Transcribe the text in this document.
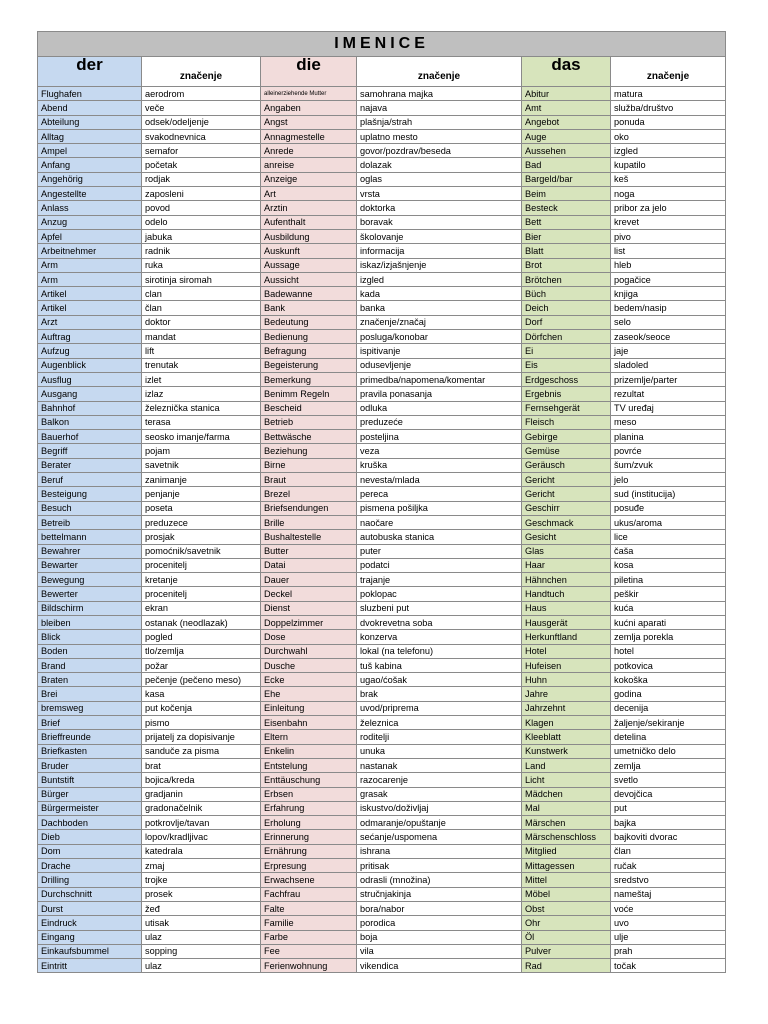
IMENICE					
der	značenje	die	značenje	das	značenje
Flughafen	aerodrom	alleinerziehende Mutter	samohrana majka	Abitur	matura
Abend	veče	Angaben	najava	Amt	služba/društvo
Abteilung	odsek/odeljenje	Angst	plašnja/strah	Angebot	ponuda
Alltag	svakodnevnica	Annagmestelle	uplatno mesto	Auge	oko
Ampel	semafor	Anrede	govor/pozdrav/beseda	Aussehen	izgled
Anfang	početak	anreise	dolazak	Bad	kupatilo
Angehörig	rodjak	Anzeige	oglas	Bargeld/bar	keš
Angestellte	zaposleni	Art	vrsta	Beim	noga
Anlass	povod	Arztin	doktorka	Besteck	pribor za jelo
Anzug	odelo	Aufenthalt	boravak	Bett	krevet
Apfel	jabuka	Ausbildung	školovanje	Bier	pivo
Arbeitnehmer	radnik	Auskunft	informacija	Blatt	list
Arm	ruka	Aussage	iskaz/izjašnjenje	Brot	hleb
Arm	sirotinja siromah	Aussicht	izgled	Brötchen	pogačice
Artikel	clan	Badewanne	kada	Büch	knjiga
Artikel	član	Bank	banka	Deich	bedem/nasip
Arzt	doktor	Bedeutung	značenje/značaj	Dorf	selo
Auftrag	mandat	Bedienung	posluga/konobar	Dörfchen	zaseok/seoce
Aufzug	lift	Befragung	ispitivanje	Ei	jaje
Augenblick	trenutak	Begeisterung	odusevljenje	Eis	sladoled
Ausflug	izlet	Bemerkung	primedba/napomena/komentar	Erdgeschoss	prizemlje/parter
Ausgang	izlaz	Benimm Regeln	pravila ponasanja	Ergebnis	rezultat
Bahnhof	železnička stanica	Bescheid	odluka	Fernsehgerät	TV uređaj
Balkon	terasa	Betrieb	preduzeće	Fleisch	meso
Bauerhof	seosko imanje/farma	Bettwäsche	posteljina	Gebirge	planina
Begriff	pojam	Beziehung	veza	Gemüse	povrće
Berater	savetnik	Birne	kruška	Geräusch	šum/zvuk
Beruf	zanimanje	Braut	nevesta/mlada	Gericht	jelo
Besteigung	penjanje	Brezel	pereca	Gericht	sud (institucija)
Besuch	poseta	Briefsendungen	pismena pošiljka	Geschirr	posuđe
Betreib	preduzece	Brille	naočare	Geschmack	ukus/aroma
bettelmann	prosjak	Bushaltestelle	autobuska stanica	Gesicht	lice
Bewahrer	pomoćnik/savetnik	Butter	puter	Glas	čaša
Bewarter	procenitelj	Datai	podatci	Haar	kosa
Bewegung	kretanje	Dauer	trajanje	Hähnchen	piletina
Bewerter	procenitelj	Deckel	poklopac	Handtuch	peškir
Bildschirm	ekran	Dienst	sluzbeni put	Haus	kuća
bleiben	ostanak (neodlazak)	Doppelzimmer	dvokrevetna soba	Hausgerät	kućni aparati
Blick	pogled	Dose	konzerva	Herkunftland	zemlja porekla
Boden	tlo/zemlja	Durchwahl	lokal (na telefonu)	Hotel	hotel
Brand	požar	Dusche	tuš kabina	Hufeisen	potkovica
Braten	pečenje (pečeno meso)	Ecke	ugao/ćošak	Huhn	kokoška
Brei	kasa	Ehe	brak	Jahre	godina
bremsweg	put kočenja	Einleitung	uvod/priprema	Jahrzehnt	decenija
Brief	pismo	Eisenbahn	železnica	Klagen	žaljenje/sekiranje
Brieffreunde	prijatelj za dopisivanje	Eltern	roditelji	Kleeblatt	detelina
Briefkasten	sanduče za pisma	Enkelin	unuka	Kunstwerk	umetničko delo
Bruder	brat	Entstelung	nastanak	Land	zemlja
Buntstift	bojica/kreda	Enttäuschung	razocarenje	Licht	svetlo
Bürger	gradjanin	Erbsen	grasak	Mädchen	devojčica
Bürgermeister	gradonačelnik	Erfahrung	iskustvo/doživljaj	Mal	put
Dachboden	potkrovlje/tavan	Erholung	odmaranje/opuštanje	Märschen	bajka
Dieb	lopov/kradljivac	Erinnerung	sećanje/uspomena	Märschenschloss	bajkoviti dvorac
Dom	katedrala	Ernährung	ishrana	Mitglied	član
Drache	zmaj	Erpresung	pritisak	Mittagessen	ručak
Drilling	trojke	Erwachsene	odrasli (množina)	Mittel	sredstvo
Durchschnitt	prosek	Fachfrau	stručnjakinja	Möbel	nameštaj
Durst	žeđ	Falte	bora/nabor	Obst	voće
Eindruck	utisak	Familie	porodica	Ohr	uvo
Eingang	ulaz	Farbe	boja	Öl	ulje
Einkaufsbummel	sopping	Fee	vila	Pulver	prah
Eintritt	ulaz	Ferienwohnung	vikendica	Rad	točak
